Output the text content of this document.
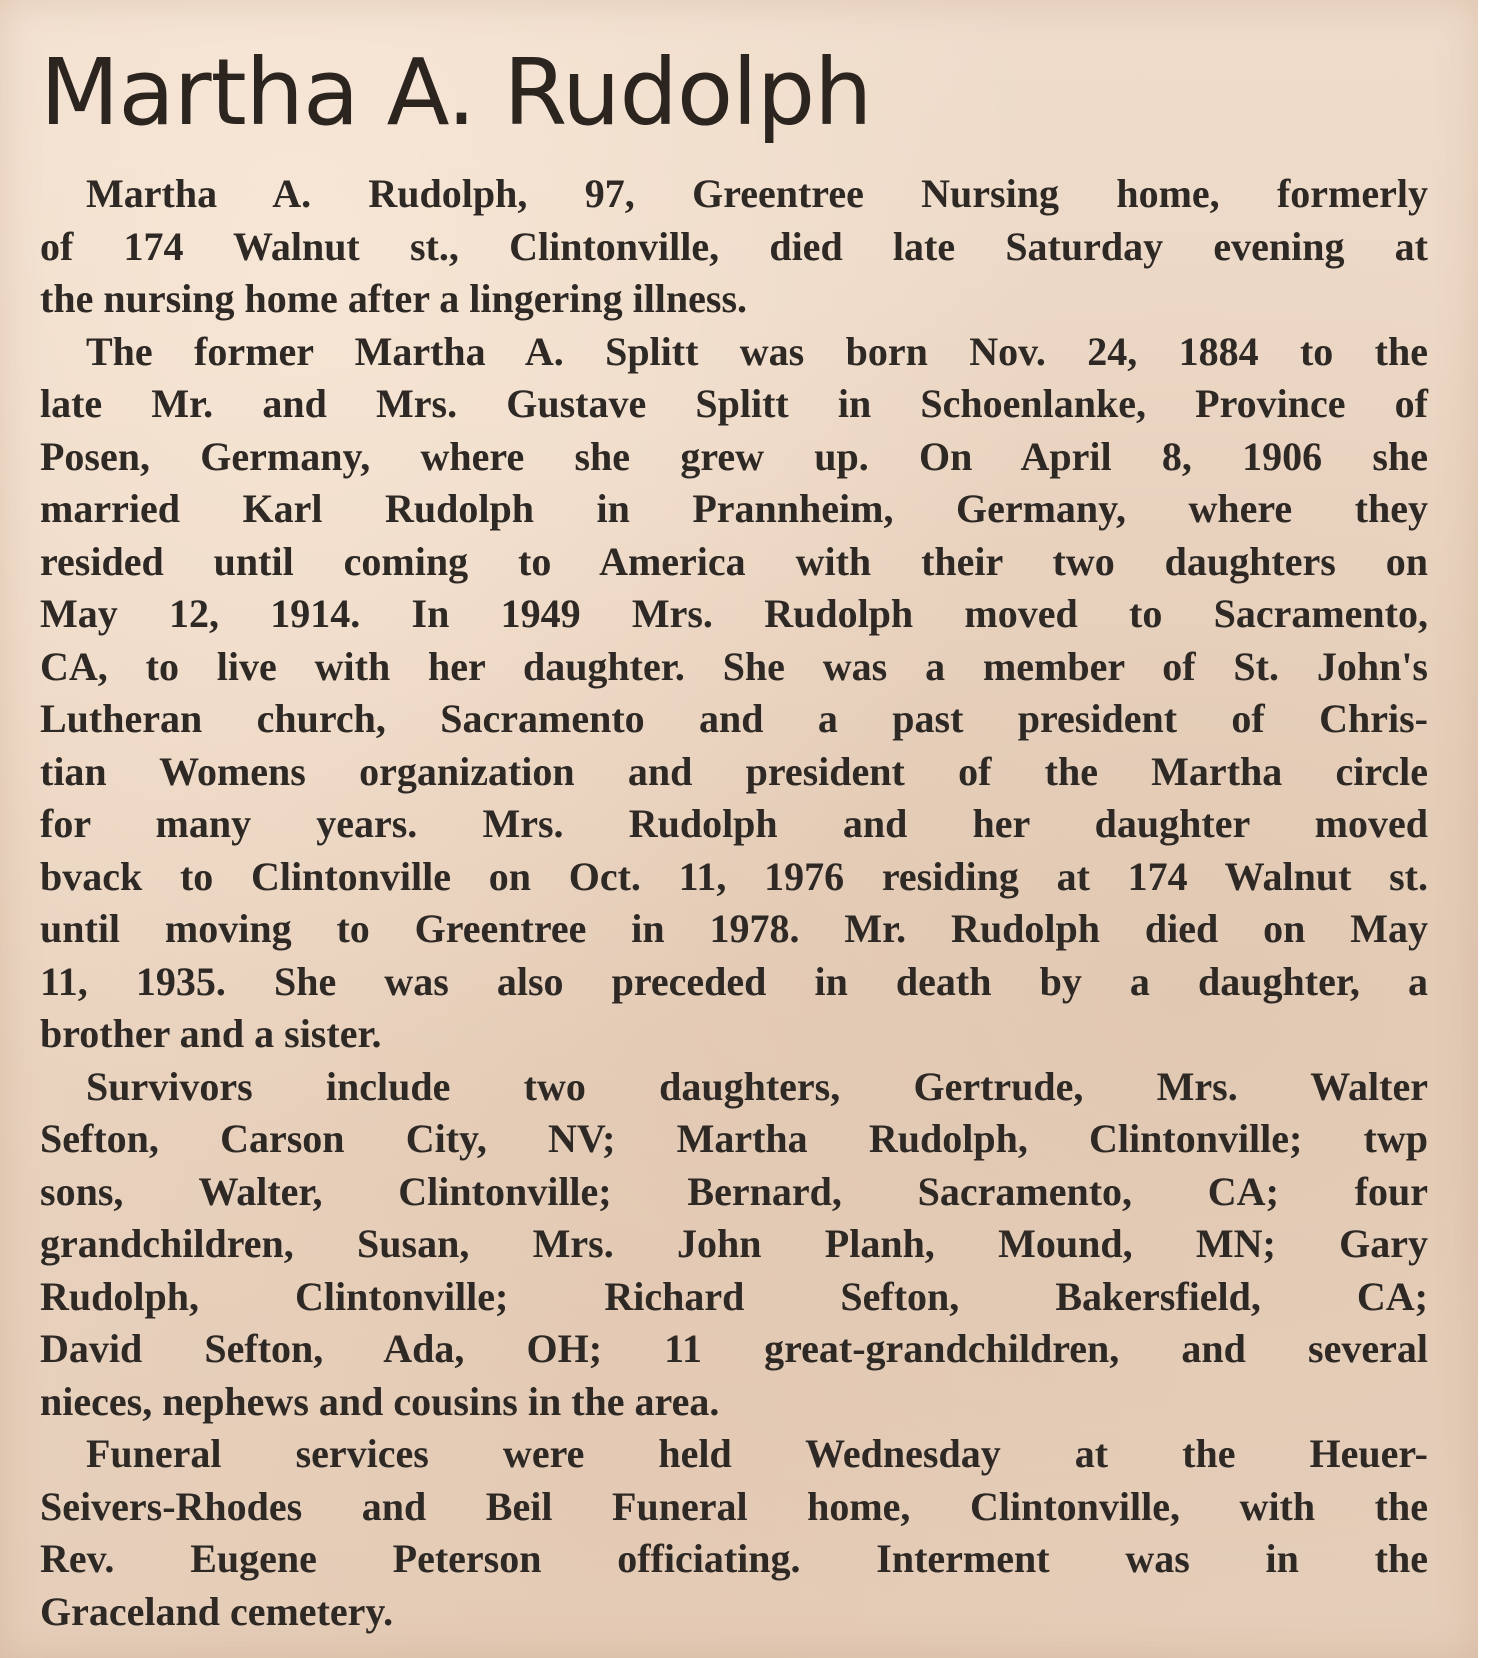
Martha A. Rudolph
Martha A. Rudolph, 97, Greentree Nursing home, formerly
of 174 Walnut st., Clintonville, died late Saturday evening at
the nursing home after a lingering illness.
The former Martha A. Splitt was born Nov. 24, 1884 to the
late Mr. and Mrs. Gustave Splitt in Schoenlanke, Province of
Posen, Germany, where she grew up. On April 8, 1906 she
married Karl Rudolph in Prannheim, Germany, where they
resided until coming to America with their two daughters on
May 12, 1914. In 1949 Mrs. Rudolph moved to Sacramento,
CA, to live with her daughter. She was a member of St. John's
Lutheran church, Sacramento and a past president of Chris-
tian Womens organization and president of the Martha circle
for many years. Mrs. Rudolph and her daughter moved
bvack to Clintonville on Oct. 11, 1976 residing at 174 Walnut st.
until moving to Greentree in 1978. Mr. Rudolph died on May
11, 1935. She was also preceded in death by a daughter, a
brother and a sister.
Survivors include two daughters, Gertrude, Mrs. Walter
Sefton, Carson City, NV; Martha Rudolph, Clintonville; twp
sons, Walter, Clintonville; Bernard, Sacramento, CA; four
grandchildren, Susan, Mrs. John Planh, Mound, MN; Gary
Rudolph, Clintonville; Richard Sefton, Bakersfield, CA;
David Sefton, Ada, OH; 11 great-grandchildren, and several
nieces, nephews and cousins in the area.
Funeral services were held Wednesday at the Heuer-
Seivers-Rhodes and Beil Funeral home, Clintonville, with the
Rev. Eugene Peterson officiating. Interment was in the
Graceland cemetery.
